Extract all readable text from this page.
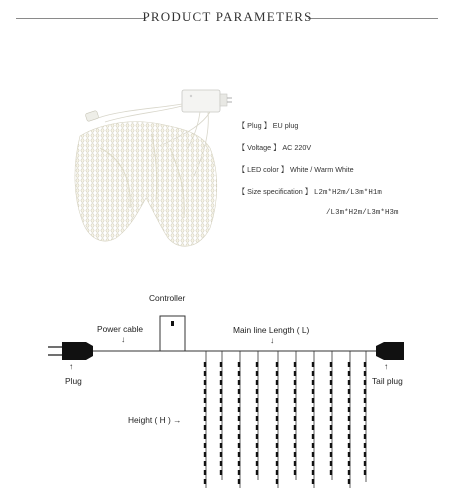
PRODUCT PARAMETERS
【 Plug 】 EU plug
【 Voltage 】 AC 220V
【 LED color 】 White / Warm White
【 Size specification 】 L2m*H2m/L3m*H1m
/L3m*H2m/L3m*H3m
Controller
Power cable
↓
Main line Length ( L)
↓
↑
Plug
↑
Tail plug
Height ( H ) →
